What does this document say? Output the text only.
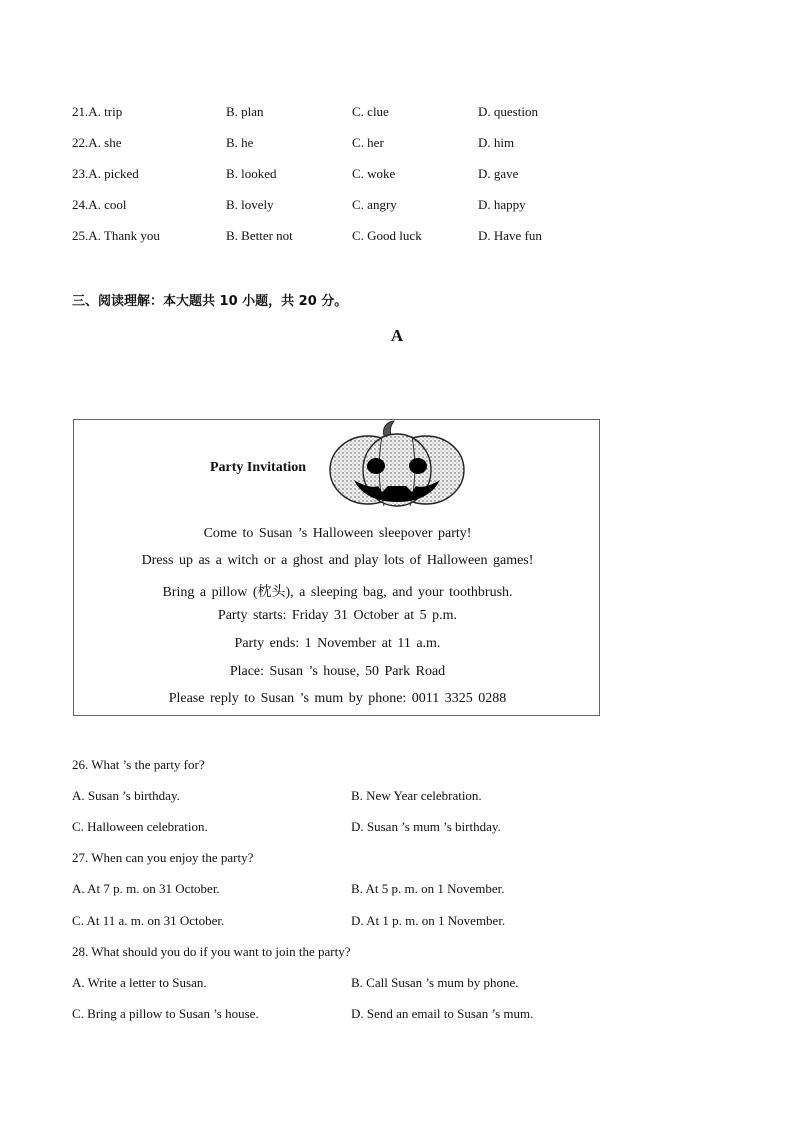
21.A. trip	B. plan	C. clue	D. question
22.A. she	B. he	C. her	D. him
23.A. picked	B. looked	C. woke	D. gave
24.A. cool	B. lovely	C. angry	D. happy
25.A. Thank you	B. Better not	C. Good luck	D. Have fun
三、阅读理解：本大题共 10 小题，共 20 分。
A
Party Invitation
Come to Susan ’s Halloween sleepover party!
Dress up as a witch or a ghost and play lots of Halloween games!
Bring a pillow (枕头), a sleeping bag, and your toothbrush.
Party starts: Friday 31 October at 5 p.m.
Party ends: 1 November at 11 a.m.
Place: Susan ’s house, 50 Park Road
Please reply to Susan ’s mum by phone: 0011 3325 0288
26. What ’s the party for?
A. Susan ’s birthday.	B. New Year celebration.
C. Halloween celebration.	D. Susan ’s mum ’s birthday.
27. When can you enjoy the party?
A. At 7 p. m. on 31 October.	B. At 5 p. m. on 1 November.
C. At 11 a. m. on 31 October.	D. At 1 p. m. on 1 November.
28. What should you do if you want to join the party?
A. Write a letter to Susan.	B. Call Susan ’s mum by phone.
C. Bring a pillow to Susan ’s house.	D. Send an email to Susan ’s mum.
